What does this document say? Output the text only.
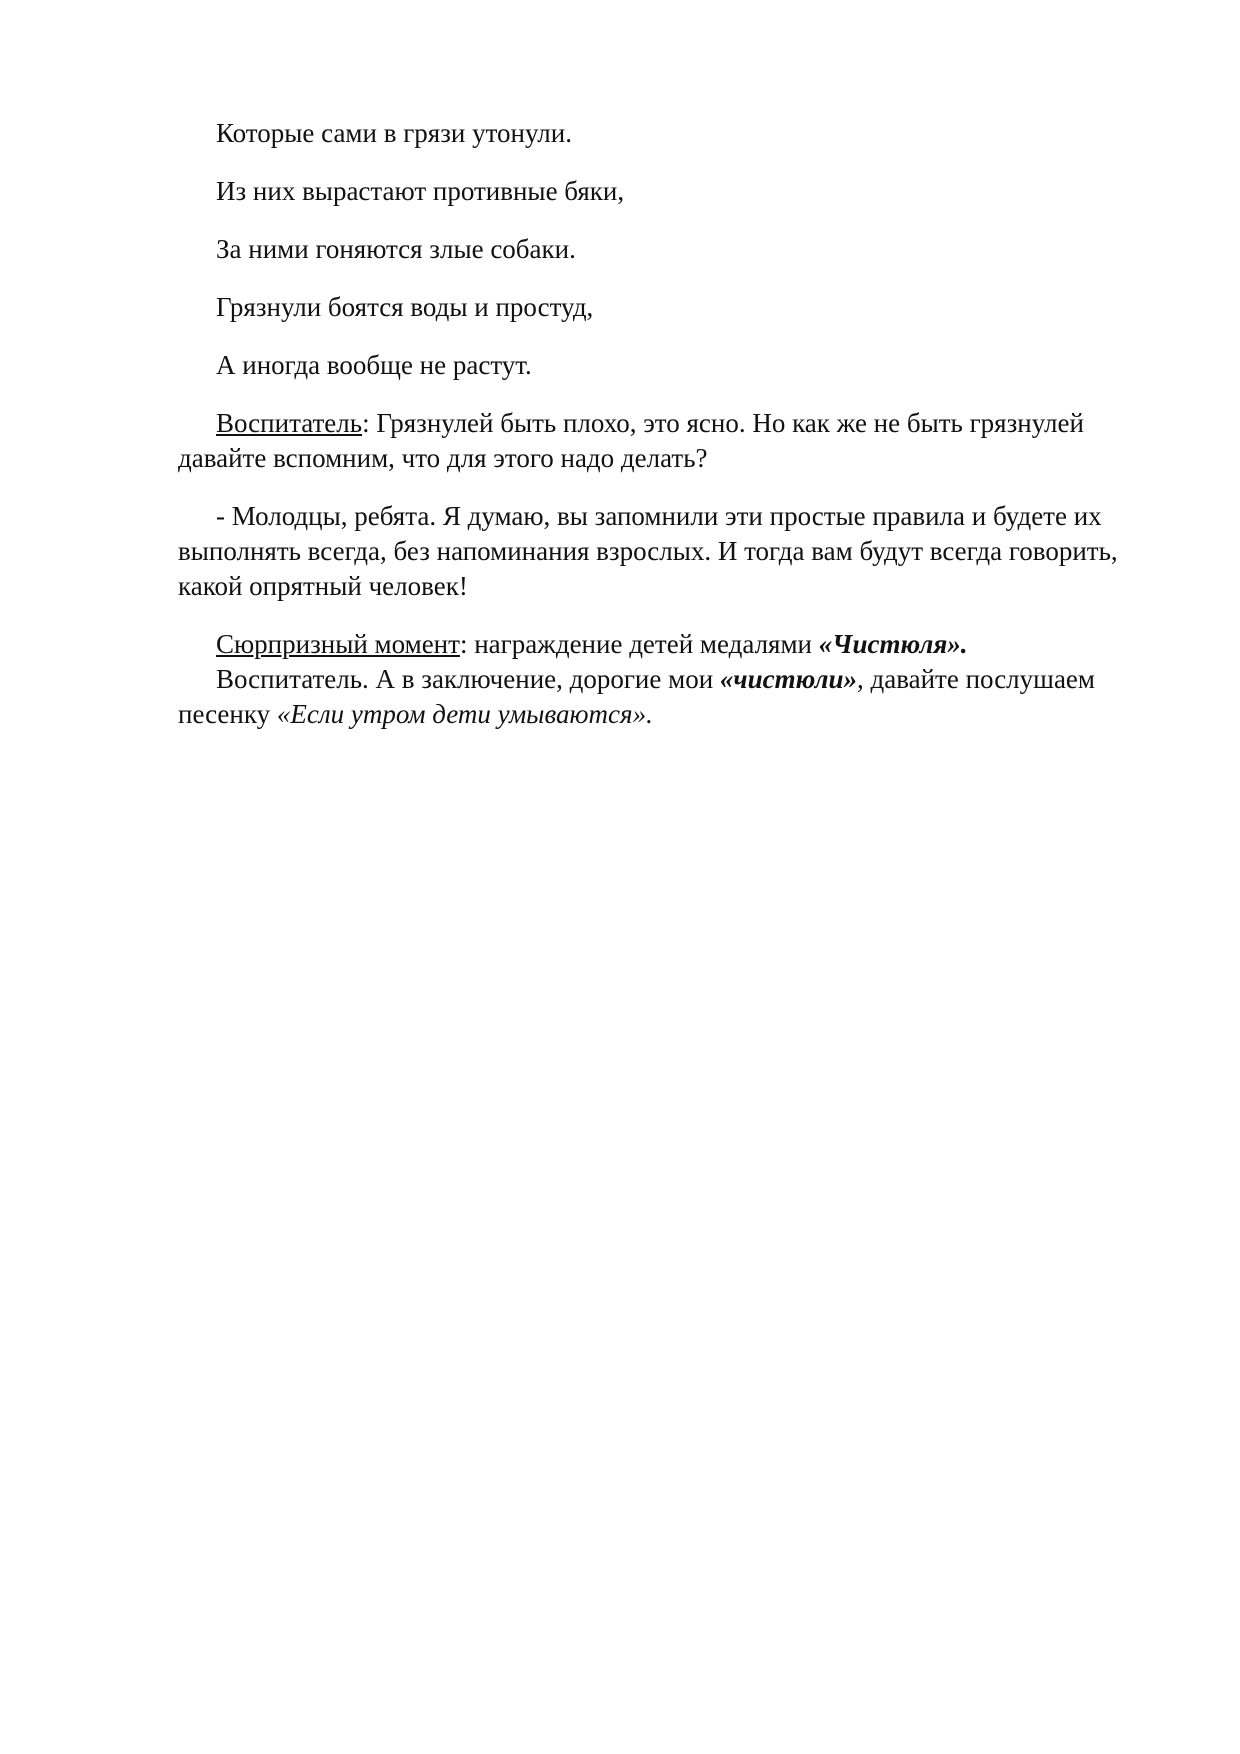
Которые сами в грязи утонули.

Из них вырастают противные бяки,

За ними гоняются злые собаки.

Грязнули боятся воды и простуд,

А иногда вообще не растут.

Воспитатель: Грязнулей быть плохо, это ясно. Но как же не быть грязнулей давайте вспомним, что для этого надо делать?

- Молодцы, ребята. Я думаю, вы запомнили эти простые правила и будете их выполнять всегда, без напоминания взрослых. И тогда вам будут всегда говорить, какой опрятный человек!

Сюрпризный момент: награждение детей медалями «Чистюля».

Воспитатель. А в заключение, дорогие мои «чистюли», давайте послушаем песенку «Если утром дети умываются».
